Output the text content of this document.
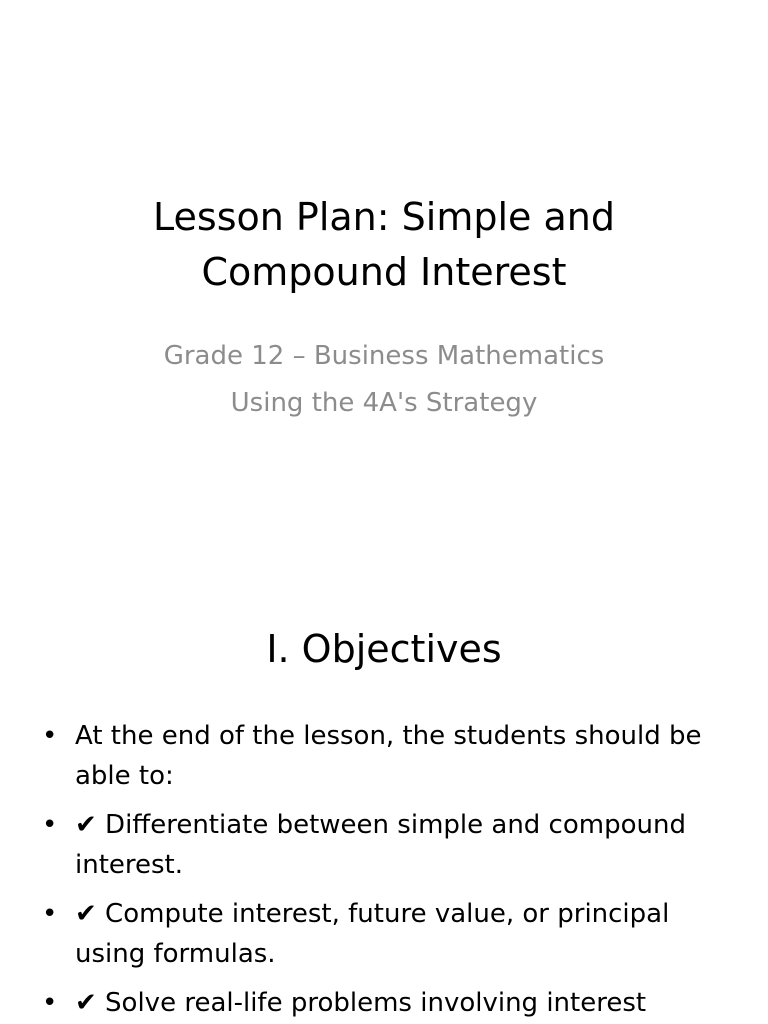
Lesson Plan: Simple and
Compound Interest
Grade 12 – Business Mathematics
Using the 4A's Strategy
I. Objectives
• At the end of the lesson, the students should be able to:
• ✔ Differentiate between simple and compound interest.
• ✔ Compute interest, future value, or principal using formulas.
• ✔ Solve real-life problems involving interest
